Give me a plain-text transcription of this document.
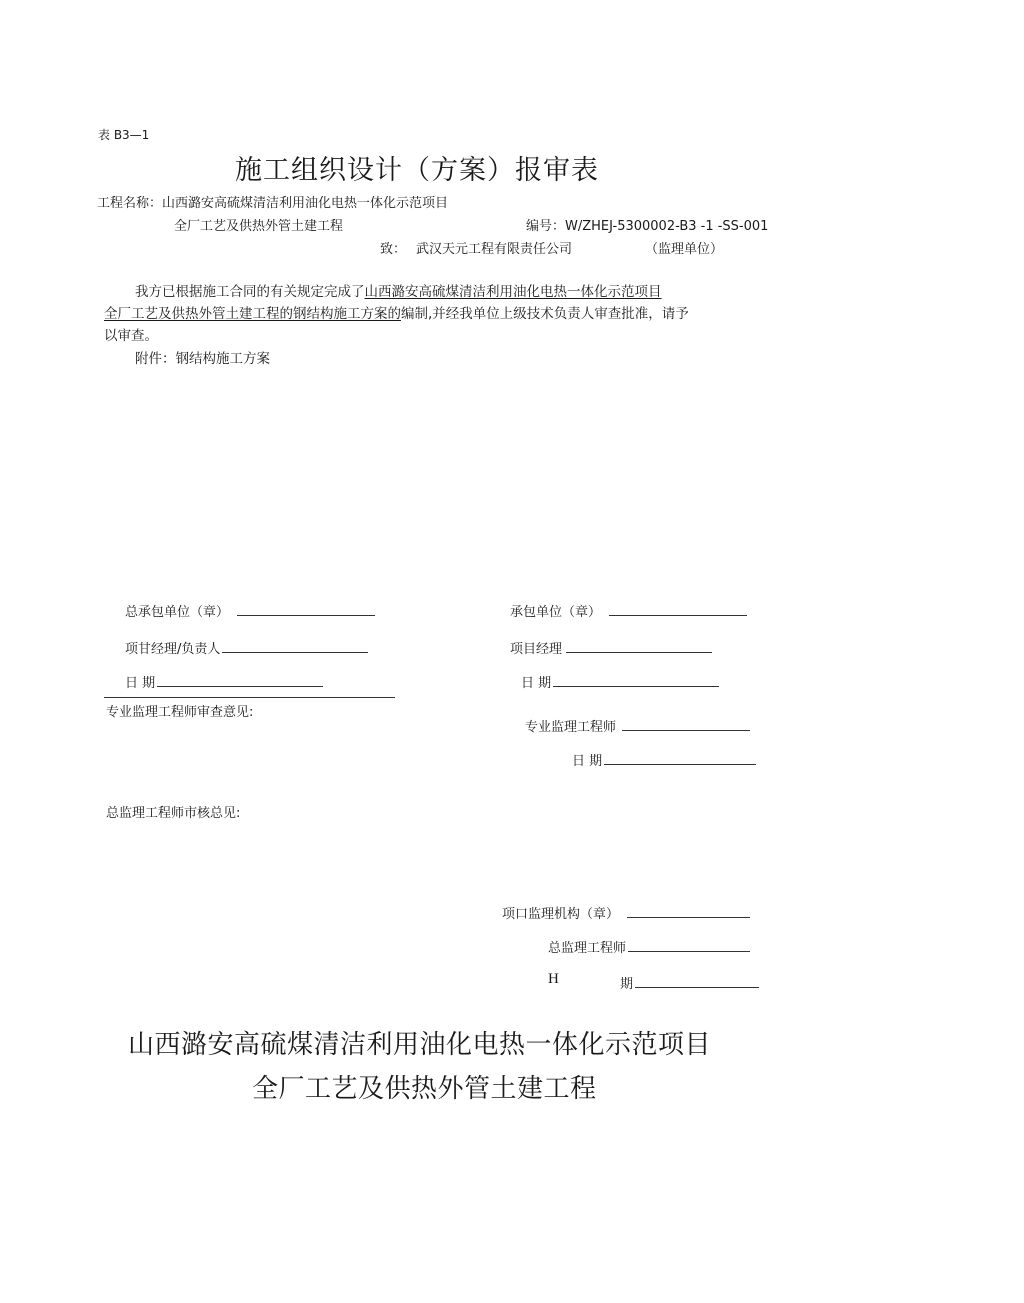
表 B3—1
施工组织设计（方案）报审表
工程名称：山西潞安高硫煤清洁利用油化电热一体化示范项目
全厂工艺及供热外管土建工程	编号：W/ZHEJ-5300002-B3 -1 -SS-001
致： 武汉天元工程有限责任公司	（监理单位）
我方已根据施工合同的有关规定完成了山西潞安高硫煤清洁利用油化电热一体化示范项目
全厂工艺及供热外管土建工程的钢结构施工方案的编制,并经我单位上级技术负责人审查批准，请予
以审查。
附件：钢结构施工方案
总承包单位（章）	承包单位（章）
项甘经理/负责人	项目经理
日 期	日 期
专业监理工程师审查意见:
专业监理工程师
日 期
总监理工程师市核总见:
项口监理机构（章）
总监理工程师
H	期
山西潞安高硫煤清洁利用油化电热一体化示范项目
全厂工艺及供热外管土建工程
